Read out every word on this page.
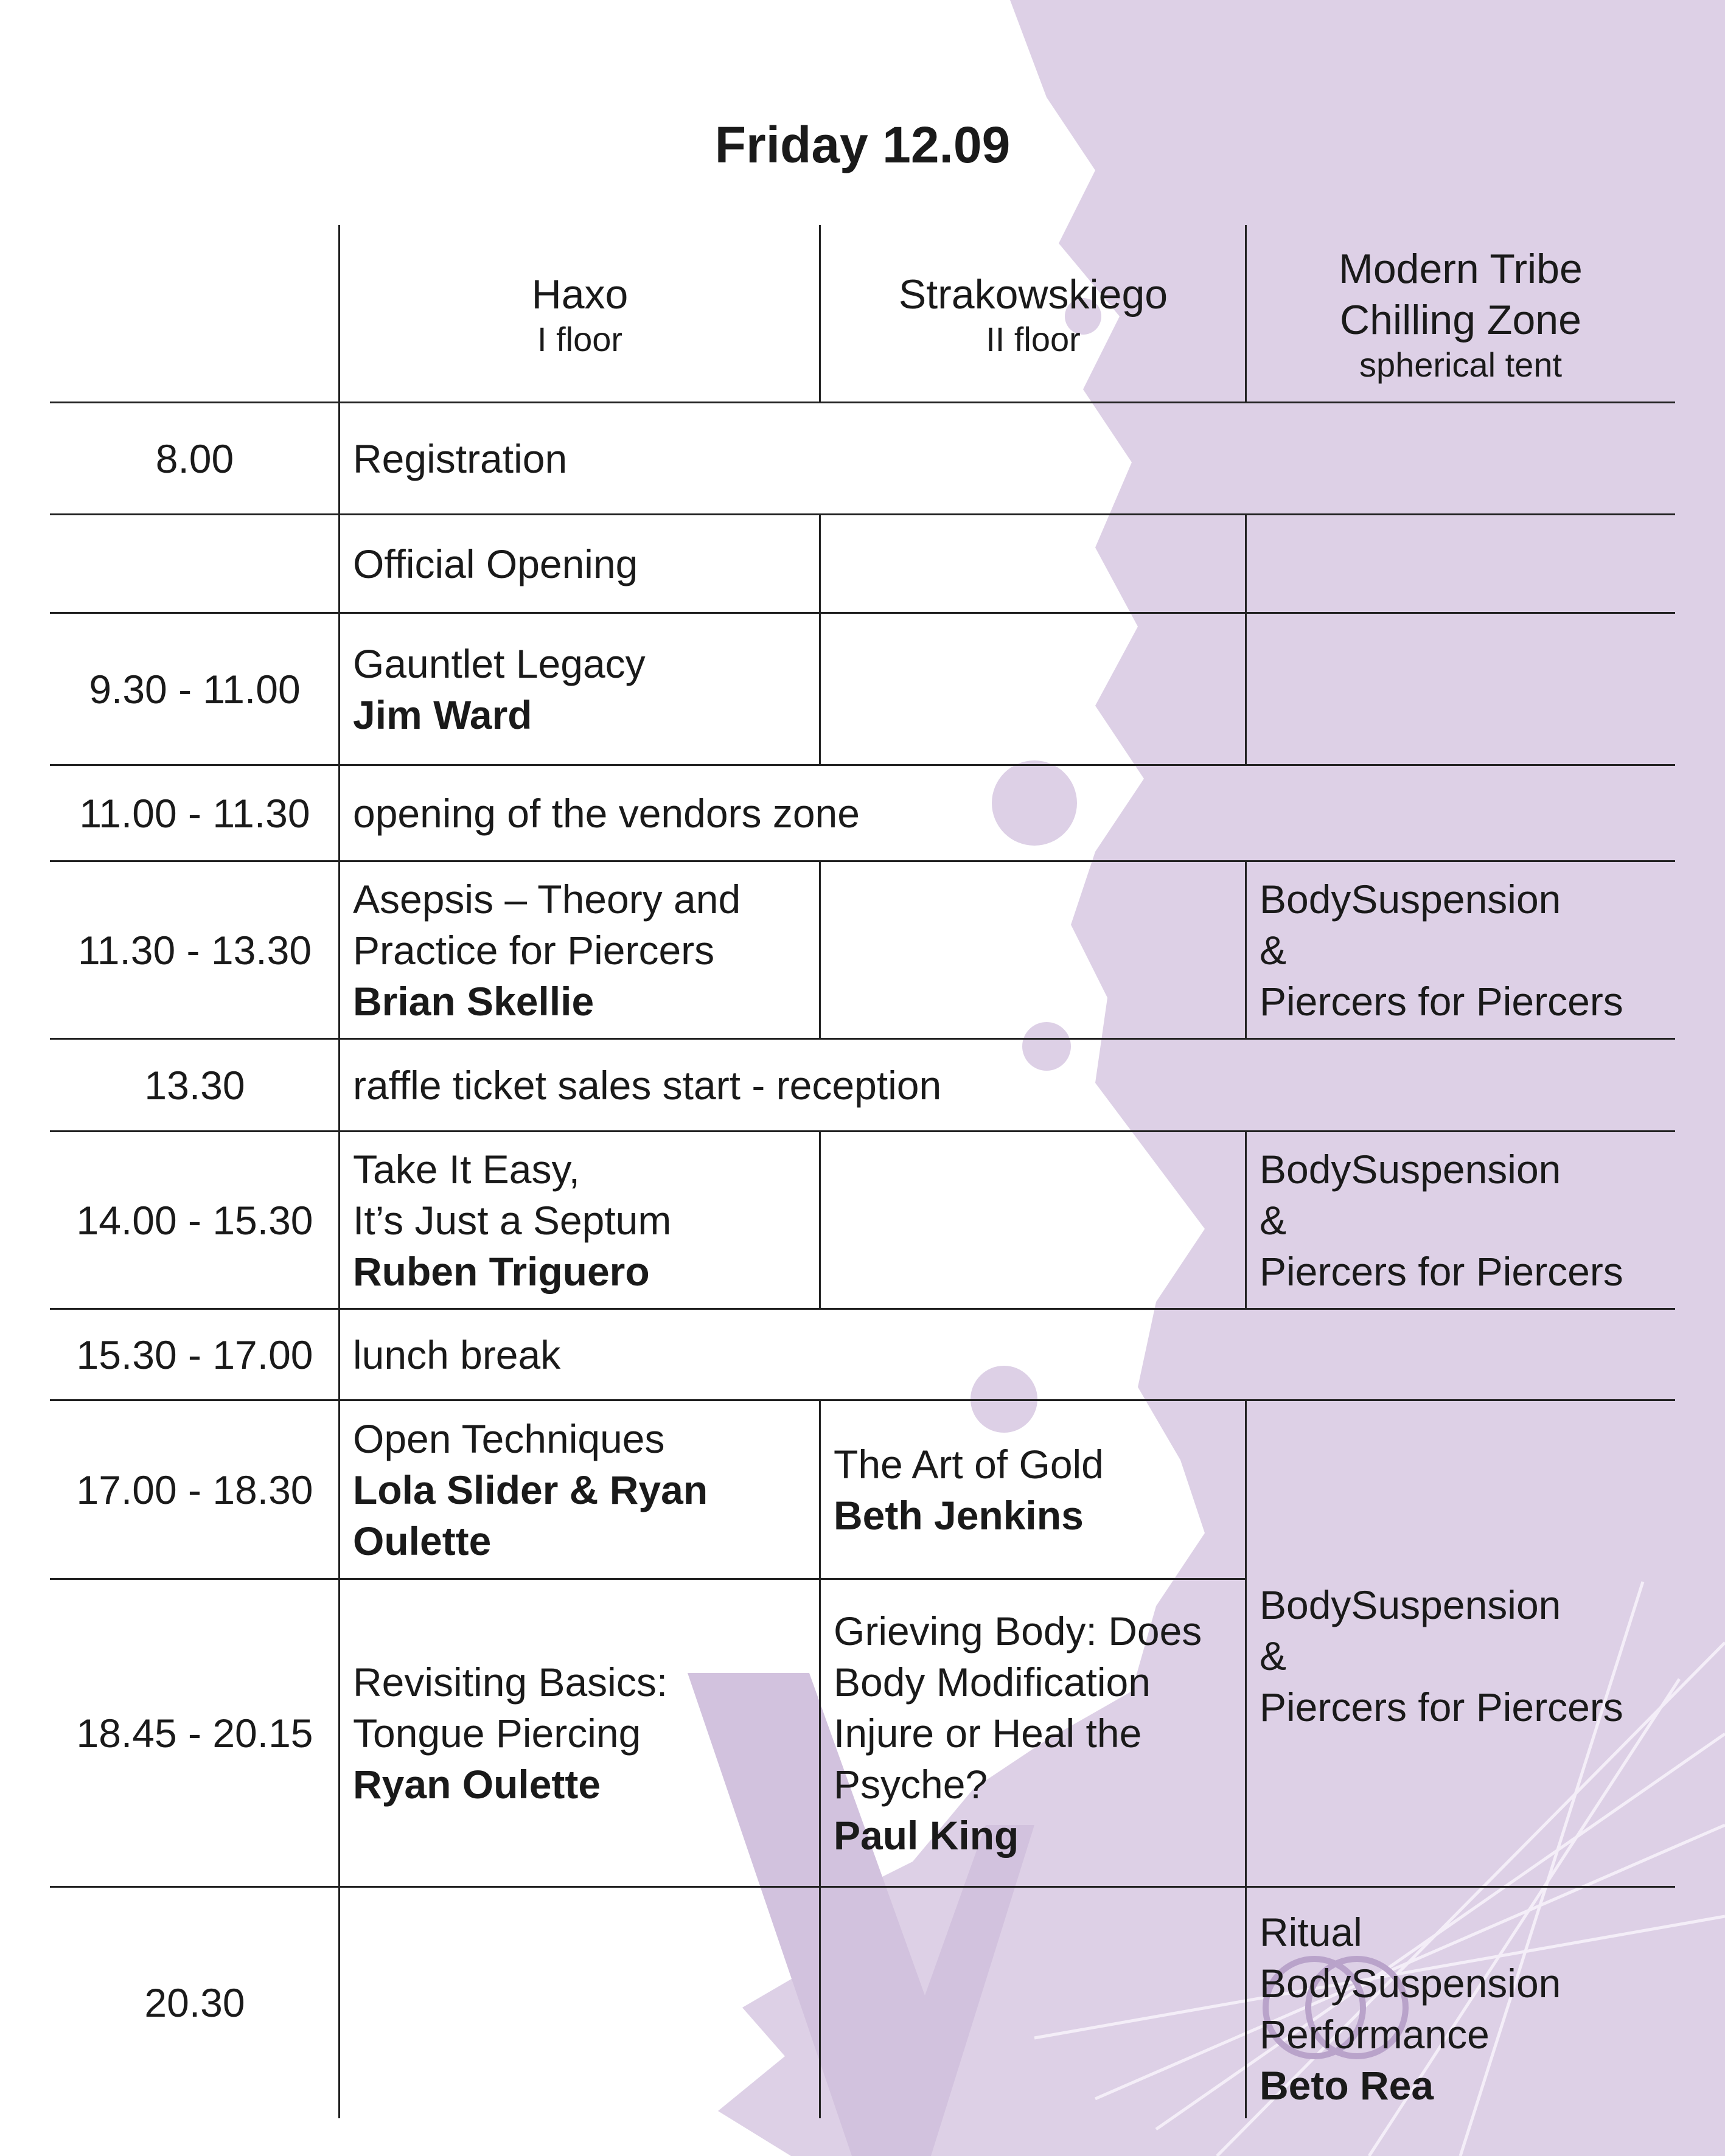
Friday 12.09
Haxo
I floor
Strakowskiego
II floor
Modern Tribe
Chilling Zone
spherical tent
8.00	Registration
Official Opening
9.30 - 11.00
Gauntlet Legacy
Jim Ward
11.00 - 11.30 opening of the vendors zone
11.30 - 13.30
Asepsis – Theory and
Practice for Piercers
Brian Skellie
BodySuspension
&
Piercers for Piercers
13.30	raffle ticket sales start - reception
14.00 - 15.30
Take It Easy,
It’s Just a Septum
Ruben Triguero
BodySuspension
&
Piercers for Piercers
15.30 - 17.00 lunch break
17.00 - 18.30
Open Techniques
Lola Slider & Ryan
Oulette
The Art of Gold
Beth Jenkins
18.45 - 20.15
Revisiting Basics:
Tongue Piercing
Ryan Oulette
Grieving Body: Does
Body Modification
Injure or Heal the
Psyche?
Paul King
BodySuspension
&
Piercers for Piercers
20.30
Ritual
BodySuspension
Performance
Beto Rea
